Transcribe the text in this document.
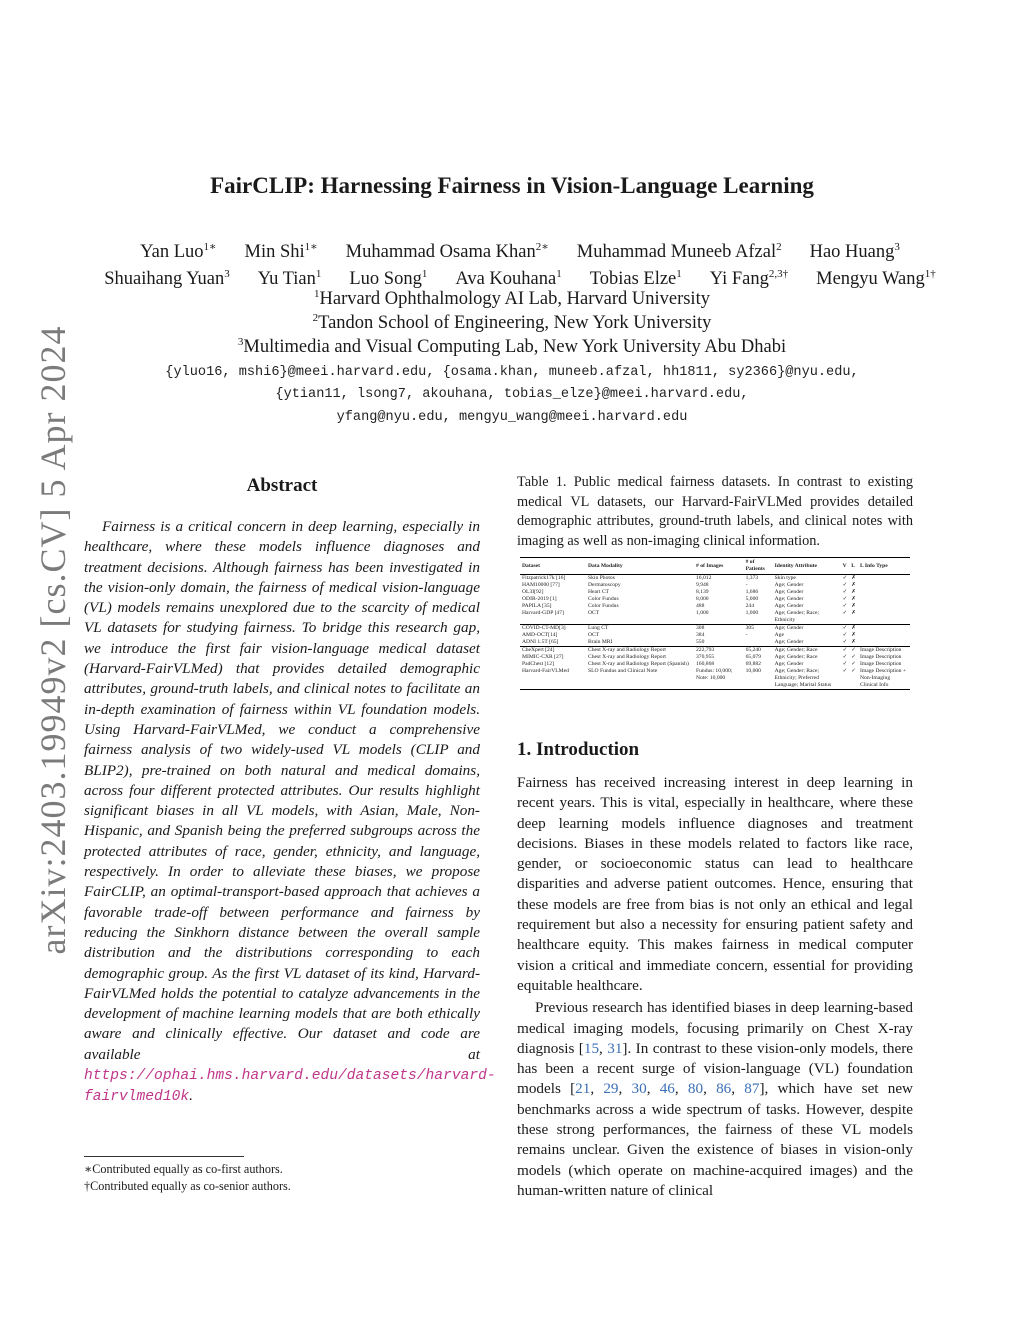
arXiv:2403.19949v2 [cs.CV] 5 Apr 2024
FairCLIP: Harnessing Fairness in Vision-Language Learning
Yan Luo$^{1∗}$ Min Shi$^{1∗}$ Muhammad Osama Khan$^{2∗}$ Muhammad Muneeb Afzal$^2$ Hao Huang$^3$
Shuaihang Yuan$^3$ Yu Tian$^1$ Luo Song$^1$ Ava Kouhana$^1$ Tobias Elze$^1$ Yi Fang$^{2,3\dagger}$ Mengyu Wang$^{1\dagger}$
$^1$Harvard Ophthalmology AI Lab, Harvard University
$^2$Tandon School of Engineering, New York University
$^3$Multimedia and Visual Computing Lab, New York University Abu Dhabi
{yluo16, mshi6}@meei.harvard.edu, {osama.khan, muneeb.afzal, hh1811, sy2366}@nyu.edu,
{ytian11, lsong7, akouhana, tobias_elze}@meei.harvard.edu,
yfang@nyu.edu, mengyu_wang@meei.harvard.edu
Abstract
Fairness is a critical concern in deep learning, especially in healthcare, where these models influence diagnoses and treatment decisions. Although fairness has been investigated in the vision-only domain, the fairness of medical vision-language (VL) models remains unexplored due to the scarcity of medical VL datasets for studying fairness. To bridge this research gap, we introduce the first fair vision-language medical dataset (Harvard-FairVLMed) that provides detailed demographic attributes, ground-truth labels, and clinical notes to facilitate an in-depth examination of fairness within VL foundation models. Using Harvard-FairVLMed, we conduct a comprehensive fairness analysis of two widely-used VL models (CLIP and BLIP2), pre-trained on both natural and medical domains, across four different protected attributes. Our results highlight significant biases in all VL models, with Asian, Male, Non-Hispanic, and Spanish being the preferred subgroups across the protected attributes of race, gender, ethnicity, and language, respectively. In order to alleviate these biases, we propose FairCLIP, an optimal-transport-based approach that achieves a favorable trade-off between performance and fairness by reducing the Sinkhorn distance between the overall sample distribution and the distributions corresponding to each demographic group. As the first VL dataset of its kind, Harvard-FairVLMed holds the potential to catalyze advancements in the development of machine learning models that are both ethically aware and clinically effective. Our dataset and code are available at https://ophai.hms.harvard.edu/datasets/harvard-fairvlmed10k.
∗Contributed equally as co-first authors.
†Contributed equally as co-senior authors.
Table 1. Public medical fairness datasets. In contrast to existing medical VL datasets, our Harvard-FairVLMed provides detailed demographic attributes, ground-truth labels, and clinical notes with imaging as well as non-imaging clinical information.
Dataset	Data Modality	# of Images	# of Patients	Identity Attribute	V	L	L Info Type
Fitzpatrick17k [16]	Skin Photos	16,012	1,373	Skin type	✓	✗	
HAM10000 [77]	Dermatoscopy	9,948	-	Age; Gender	✓	✗	
OL3I[92]	Heart CT	8,139	1,686	Age; Gender	✓	✗	
ODIR-2019 [1]	Color Fundus	8,000	5,000	Age; Gender	✓	✗	
PAPILA [35]	Color Fundus	488	244	Age; Gender	✓	✗	
Harvard-GDP [47]	OCT	1,000	1,000	Age; Gender; Race; Ethnicity	✓	✗	
COVID-CT-MD[3]	Lung CT	308	305	Age; Gender	✓	✗	
AMD-OCT[14]	OCT	384	-	Age	✓	✗	
ADNI 1.5T [65]	Brain MRI	550		Age; Gender	✓	✗	
CheXpert [24]	Chest X-ray and Radiology Report	222,793	65,240	Age; Gender; Race	✓	✓	Image Description
MIMIC-CXR [27]	Chest X-ray and Radiology Report	370,955	65,079	Age; Gender; Race	✓	✓	Image Description
PadChest [12]	Chest X-ray and Radiology Report (Spanish)	160,868	69,882	Age; Gender	✓	✓	Image Description
Harvard-FairVLMed	SLO Fundus and Clinical Note	Fundus: 10,000; Note: 10,000	10,000	Age; Gender; Race; Ethnicity; Preferred Language; Marital Status	✓	✓	Image Description + Non-Imaging Clinical Info
1. Introduction

Fairness has received increasing interest in deep learning in recent years. This is vital, especially in healthcare, where these deep learning models influence diagnoses and treatment decisions. Biases in these models related to factors like race, gender, or socioeconomic status can lead to healthcare disparities and adverse patient outcomes. Hence, ensuring that these models are free from bias is not only an ethical and legal requirement but also a necessity for ensuring patient safety and healthcare equity. This makes fairness in medical computer vision a critical and immediate concern, essential for providing equitable healthcare.

Previous research has identified biases in deep learning-based medical imaging models, focusing primarily on Chest X-ray diagnosis [15, 31]. In contrast to these vision-only models, there has been a recent surge of vision-language (VL) foundation models [21, 29, 30, 46, 80, 86, 87], which have set new benchmarks across a wide spectrum of tasks. However, despite these strong performances, the fairness of these VL models remains unclear. Given the existence of biases in vision-only models (which operate on machine-acquired images) and the human-written nature of clinical
